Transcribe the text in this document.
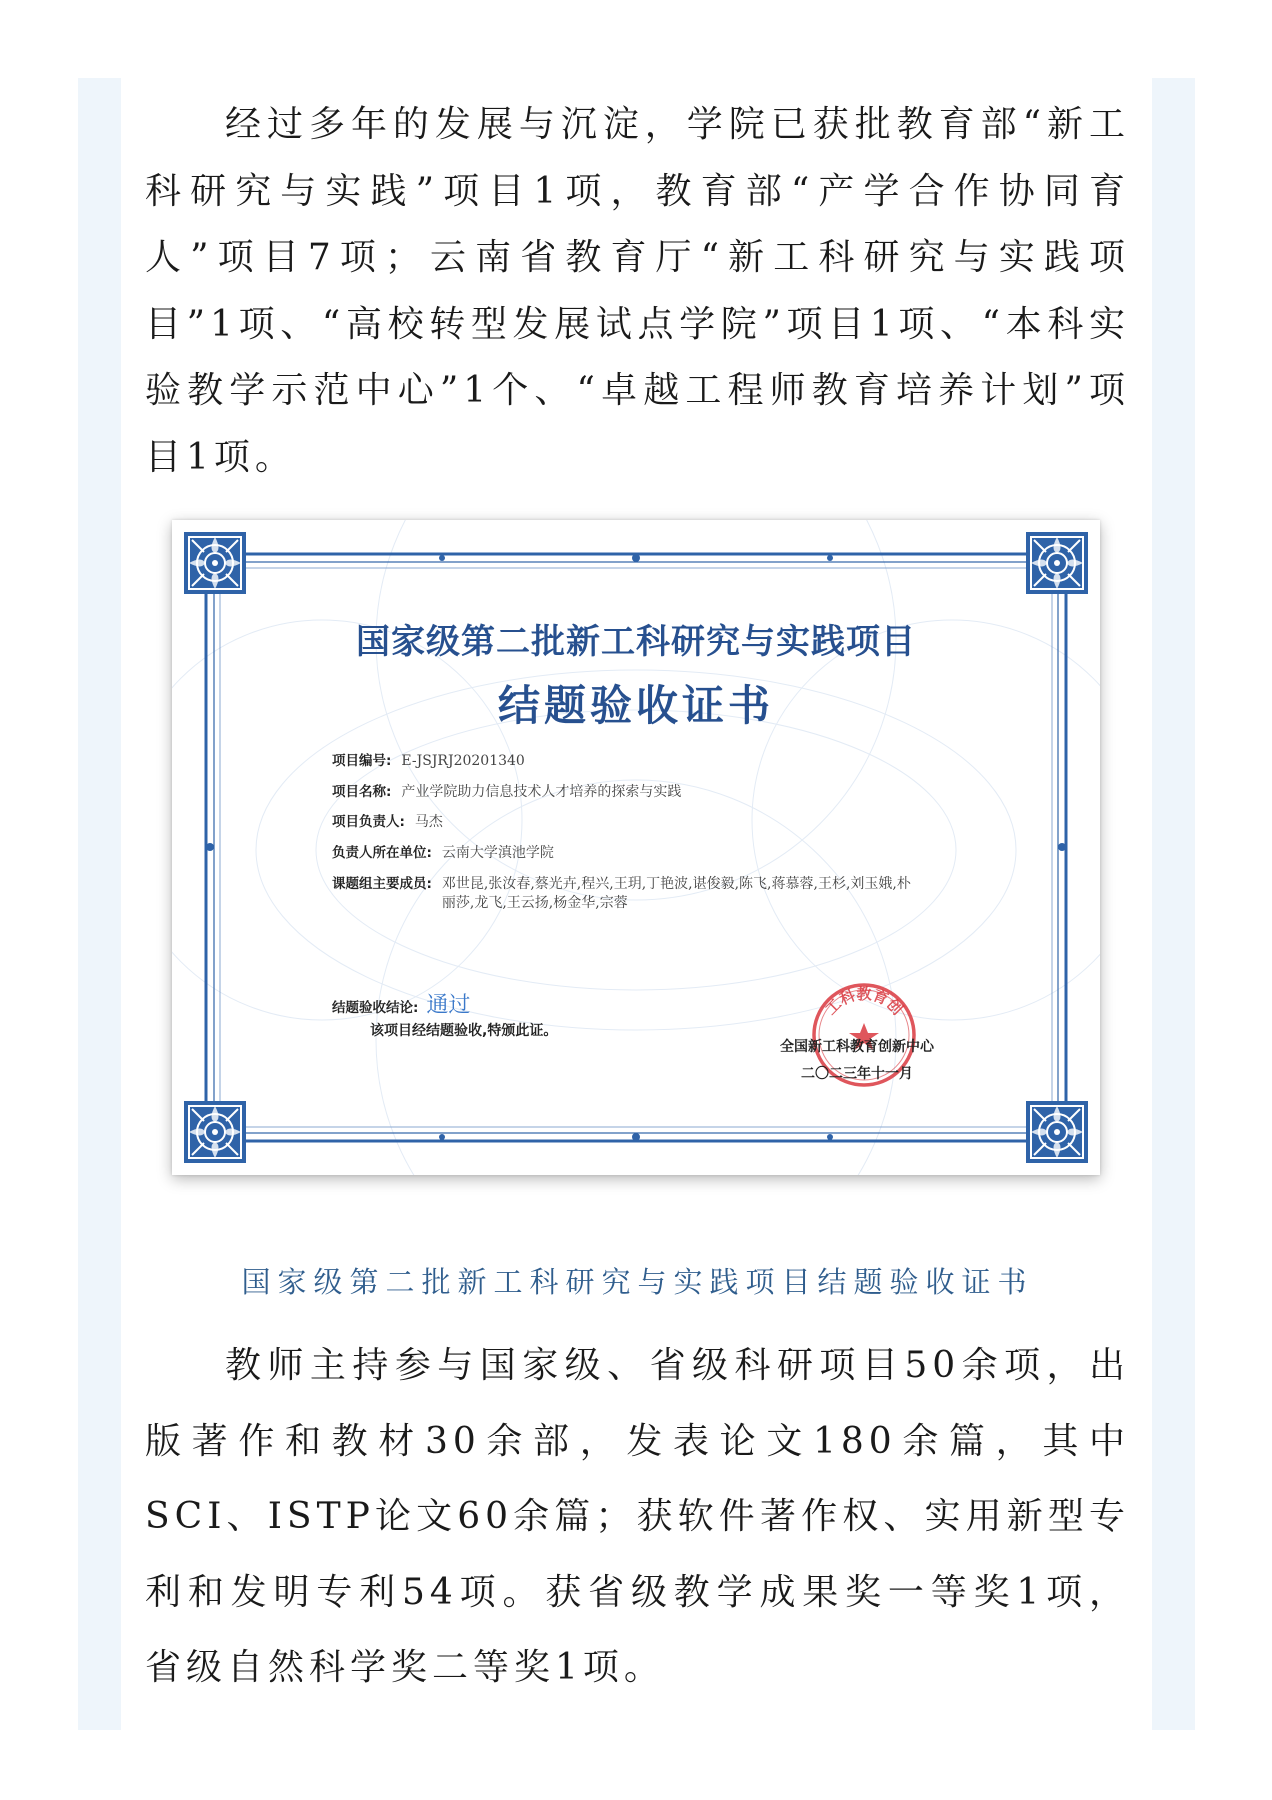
经过多年的发展与沉淀，学院已获批教育部“新工科研究与实践”项目1项，教育部“产学合作协同育人”项目7项；云南省教育厅“新工科研究与实践项目”1项、“高校转型发展试点学院”项目1项、“本科实验教学示范中心”1个、“卓越工程师教育培养计划”项目1项。

国家级第二批新工科研究与实践项目
结题验收证书
项目编号: E-JSJRJ20201340
项目名称: 产业学院助力信息技术人才培养的探索与实践
项目负责人: 马杰
负责人所在单位: 云南大学滇池学院
课题组主要成员: 邓世昆,张汝春,蔡光卉,程兴,王玥,丁艳波,谌俊毅,陈飞,蒋慕蓉,王杉,刘玉娥,朴丽莎,龙飞,王云扬,杨金华,宗蓉
结题验收结论: 通过

该项目经结题验收,特颁此证。

工科教育创

全国新工科教育创新中心

二〇二三年十一月

国家级第二批新工科研究与实践项目结题验收证书

教师主持参与国家级、省级科研项目50余项，出版著作和教材30余部，发表论文180余篇，其中SCI、ISTP论文60余篇；获软件著作权、实用新型专利和发明专利54项。获省级教学成果奖一等奖1项，省级自然科学奖二等奖1项。
